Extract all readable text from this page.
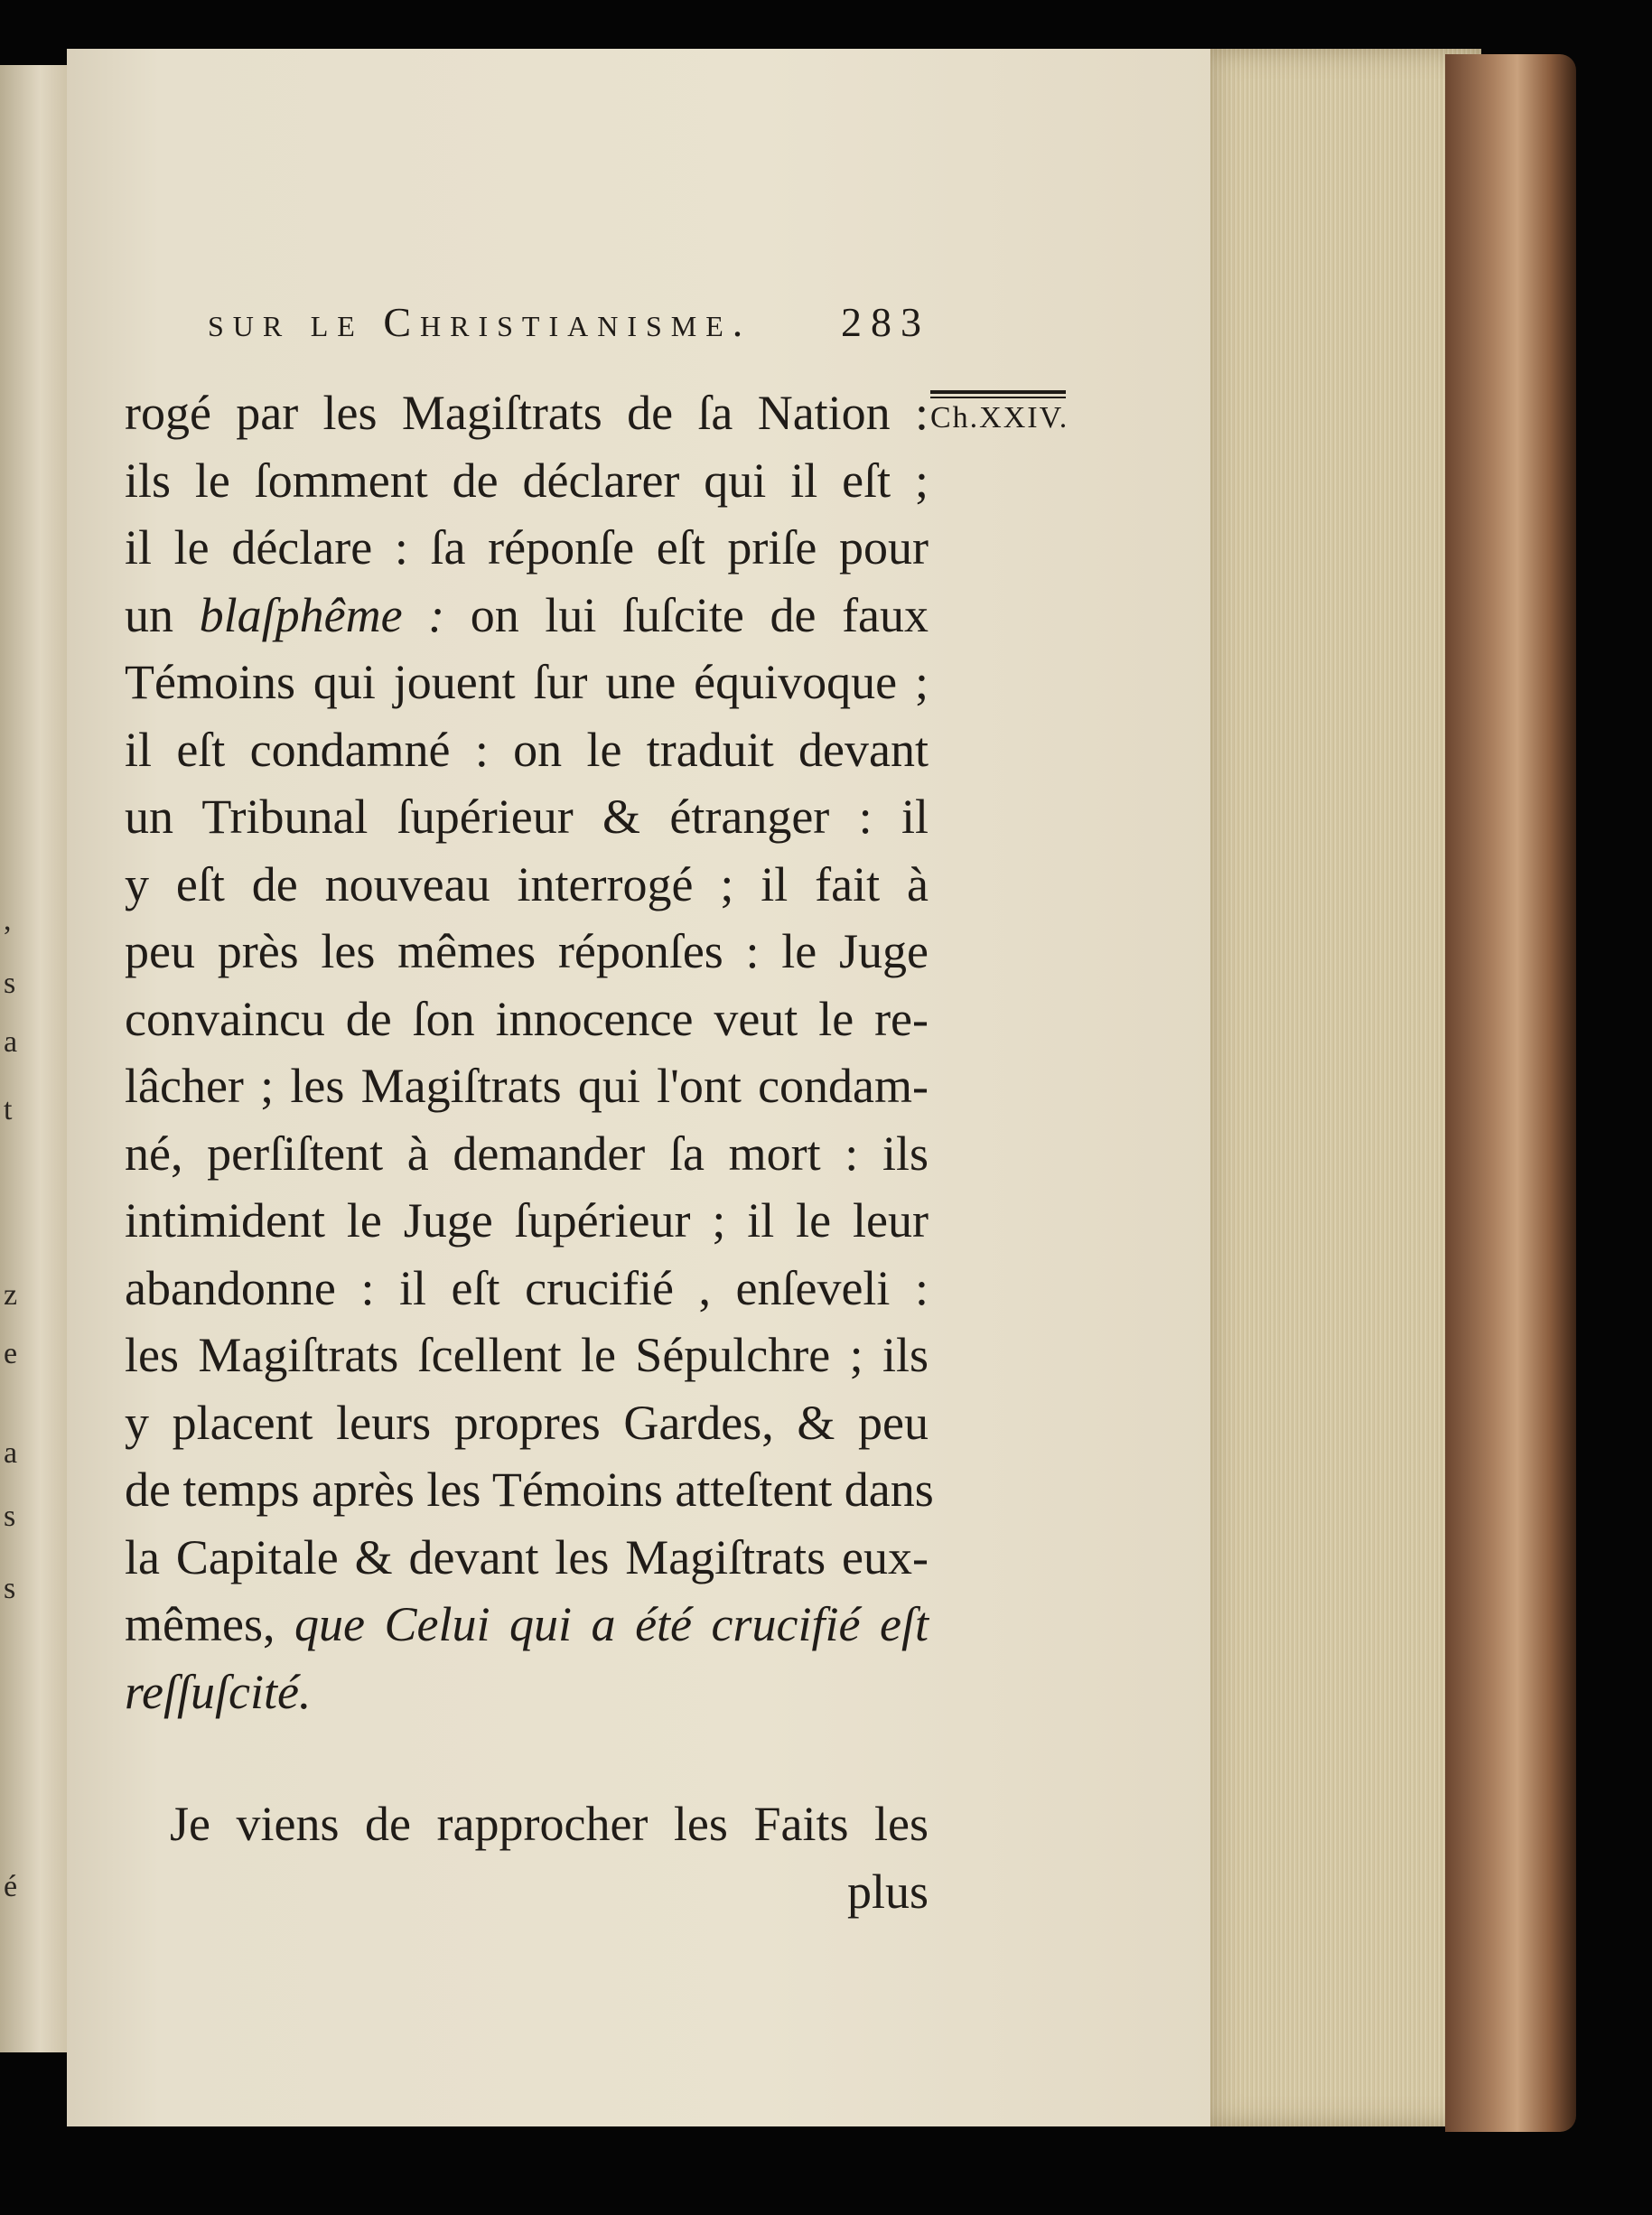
,
s
a
t
z
e
a
s
s
é
sur le Christianisme. 283
Ch.XXIV.
rogé par les Magiſtrats de ſa Nation :
ils le ſomment de déclarer qui il eſt ;
il le déclare : ſa réponſe eſt priſe pour
un blaſphême : on lui ſuſcite de faux
Témoins qui jouent ſur une équivoque ;
il eſt condamné : on le traduit devant
un Tribunal ſupérieur & étranger : il
y eſt de nouveau interrogé ; il fait à
peu près les mêmes réponſes : le Juge
convaincu de ſon innocence veut le re-
lâcher ; les Magiſtrats qui l'ont condam-
né, perſiſtent à demander ſa mort : ils
intimident le Juge ſupérieur ; il le leur
abandonne : il eſt crucifié , enſeveli :
les Magiſtrats ſcellent le Sépulchre ; ils
y placent leurs propres Gardes, & peu
de temps après les Témoins atteſtent dans
la Capitale & devant les Magiſtrats eux-
mêmes, que Celui qui a été crucifié eſt
reſſuſcité.
Je viens de rapprocher les Faits les
plus
